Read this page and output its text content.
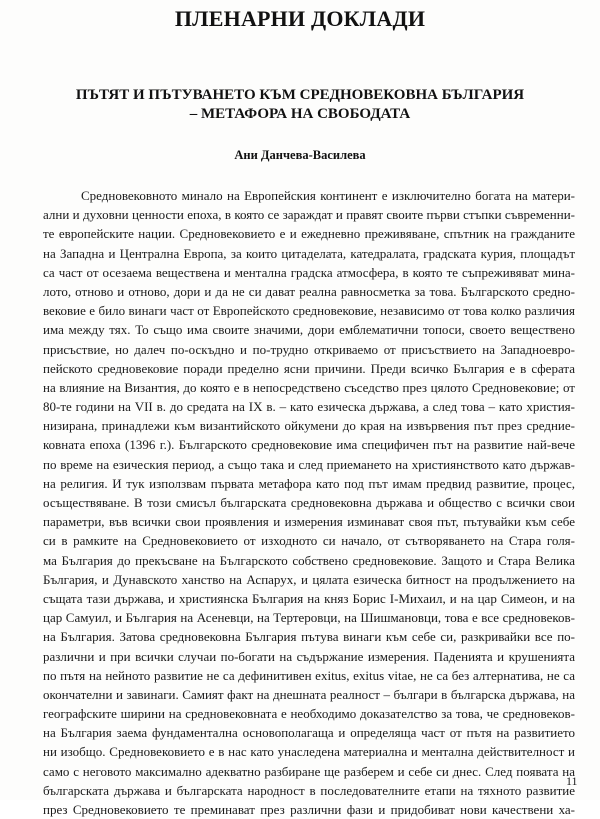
ПЛЕНАРНИ ДОКЛАДИ
ПЪТЯТ И ПЪТУВАНЕТО КЪМ СРЕДНОВЕКОВНА БЪЛГАРИЯ
– МЕТАФОРА НА СВОБОДАТА
Ани Данчева-Василева
Средновековното минало на Европейския континент е изключително богата на матери-
ални и духовни ценности епоха, в която се зараждат и правят своите първи стъпки съвременни-
те европейските нации. Средновековието е и ежедневно преживяване, спътник на гражданите
на Западна и Централна Европа, за които цитаделата, катедралата, градската курия, площадът
са част от осезаема веществена и ментална градска атмосфера, в която те съпреживяват мина-
лото, отново и отново, дори и да не си дават реална равносметка за това. Българското средно-
вековие е било винаги част от Европейското средновековие, независимо от това колко различия
има между тях. То също има своите значими, дори емблематични топоси, своето веществено
присъствие, но далеч по-оскъдно и по-трудно откриваемо от присъствието на Западноевро-
пейското средновековие поради пределно ясни причини. Преди всичко България е в сферата
на влияние на Византия, до която е в непосредствено съседство през цялото Средновековие; от
80-те години на VII в. до средата на IX в. – като езическа държава, а след това – като христия-
низирана, принадлежи към византийското ойкумени до края на извървения път през средние-
ковната епоха (1396 г.). Българското средновековие има специфичен път на развитие най-вече
по време на езическия период, а също така и след приемането на християнството като държав-
на религия. И тук използвам първата метафора като под път имам предвид развитие, процес,
осъществяване. В този смисъл българската средновековна държава и общество с всички свои
параметри, във всички свои проявления и измерения изминават своя път, пътувайки към себе
си в рамките на Средновековието от изходното си начало, от сътворяването на Стара голя-
ма България до прекъсване на Българското собствено средновековие. Защото и Стара Велика
България, и Дунавското ханство на Аспарух, и цялата езическа битност на продължението на
същата тази държава, и християнска България на княз Борис I-Михаил, и на цар Симеон, и на
цар Самуил, и България на Асеневци, на Тертеровци, на Шишмановци, това е все средновеков-
на България. Затова средновековна България пътува винаги към себе си, разкривайки все по-
различни и при всички случаи по-богати на съдържание измерения. Паденията и крушенията
по пътя на нейното развитие не са дефинитивен exitus, exitus vitae, не са без алтернатива, не са
окончателни и завинаги. Самият факт на днешната реалност – българи в българска държава, на
географските ширини на средновековната е необходимо доказателство за това, че средновеков-
на България заема фундаментална основополагаща и определяща част от пътя на развитието
ни изобщо. Средновековието е в нас като унаследена материална и ментална действителност и
само с неговото максимално адекватно разбиране ще разберем и себе си днес. След появата на
българската държава и българската народност в последователните етапи на тяхното развитие
през Средновековието те преминават през различни фази и придобиват нови качествени ха-
11
